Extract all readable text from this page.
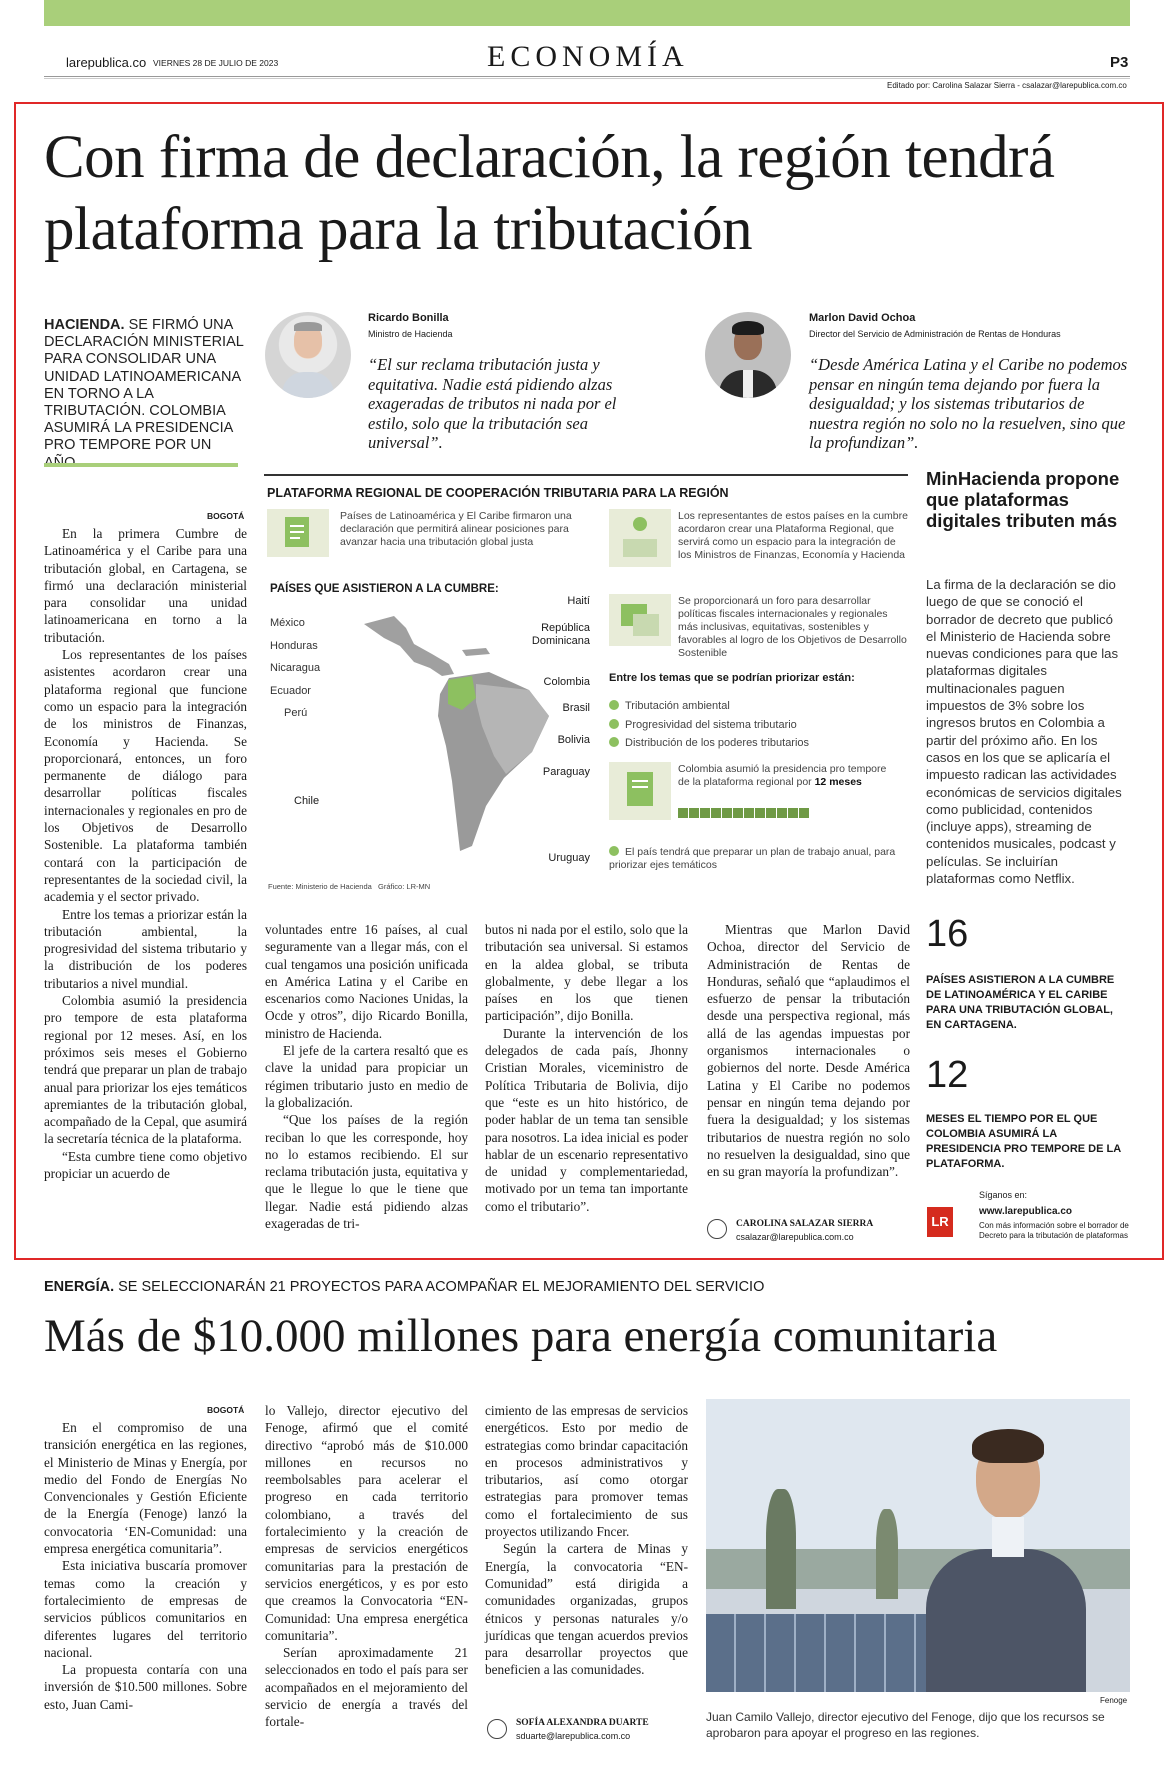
larepublica.co VIERNES 28 DE JULIO DE 2023	ECONOMÍA	P3
Editado por: Carolina Salazar Sierra - csalazar@larepublica.com.co
Con firma de declaración, la región tendrá plataforma para la tributación
HACIENDA. SE FIRMÓ UNA DECLARACIÓN MINISTERIAL PARA CONSOLIDAR UNA UNIDAD LATINOAMERICANA EN TORNO A LA TRIBUTACIÓN. COLOMBIA ASUMIRÁ LA PRESIDENCIA PRO TEMPORE POR UN
Ricardo Bonilla
Ministro de Hacienda
“El sur reclama tributación justa y equitativa. Nadie está pidiendo alzas exageradas de tributos ni nada por el estilo, solo que la tributación sea universal”.
Marlon David Ochoa
Director del Servicio de Administración de Rentas de Honduras
“Desde América Latina y el Caribe no podemos pensar en ningún tema dejando por fuera la desigualdad; y los sistemas tributarios de nuestra región no solo no la resuelven, sino que la profundizan”.
PLATAFORMA REGIONAL DE COOPERACIÓN TRIBUTARIA PARA LA REGIÓN
Países de Latinoamérica y El Caribe firmaron una declaración que permitirá alinear posiciones para avanzar hacia una tributación global justa
PAÍSES QUE ASISTIERON A LA CUMBRE:
México
Honduras
Nicaragua
Ecuador
Perú
Chile
Haití
República Dominicana
Colombia
Brasil
Bolivia
Paraguay
Uruguay
Fuente: Ministerio de Hacienda   Gráfico: LR-MN
Los representantes de estos países en la cumbre acordaron crear una Plataforma Regional, que servirá como un espacio para la integración de los Ministros de Finanzas, Economía y Hacienda
Se proporcionará un foro para desarrollar políticas fiscales internacionales y regionales más inclusivas, equitativas, sostenibles y favorables al logro de los Objetivos de Desarrollo Sostenible
Entre los temas que se podrían priorizar están:
Tributación ambiental
Progresividad del sistema tributario
Distribución de los poderes tributarios
Colombia asumió la presidencia pro tempore de la plataforma regional por 12 meses
El país tendrá que preparar un plan de trabajo anual, para priorizar ejes temáticos
BOGOTÁ

En la primera Cumbre de Latinoamérica y el Caribe para una tributación global, en Cartagena, se firmó una declaración ministerial para consolidar una unidad latinoamericana en torno a la tributación.

Los representantes de los países asistentes acordaron crear una plataforma regional que funcione como un espacio para la integración de los ministros de Finanzas, Economía y Hacienda. Se proporcionará, entonces, un foro permanente de diálogo para desarrollar políticas fiscales internacionales y regionales en pro de los Objetivos de Desarrollo Sostenible. La plataforma también contará con la participación de representantes de la sociedad civil, la academia y el sector privado.

Entre los temas a priorizar están la tributación ambiental, la progresividad del sistema tributario y la distribución de los poderes tributarios a nivel mundial.

Colombia asumió la presidencia pro tempore de esta plataforma regional por 12 meses. Así, en los próximos seis meses el Gobierno tendrá que preparar un plan de trabajo anual para priorizar los ejes temáticos apremiantes de la tributación global, acompañado de la Cepal, que asumirá la secretaría técnica de la plataforma.

“Esta cumbre tiene como objetivo propiciar un acuerdo de

voluntades entre 16 países, al cual seguramente van a llegar más, con el cual tengamos una posición unificada en América Latina y el Caribe en escenarios como Naciones Unidas, la Ocde y otros”, dijo Ricardo Bonilla, ministro de Hacienda.

El jefe de la cartera resaltó que es clave la unidad para propiciar un régimen tributario justo en medio de la globalización.

“Que los países de la región reciban lo que les corresponde, hoy no lo estamos recibiendo. El sur reclama tributación justa, equitativa y que le llegue lo que le tiene que llegar. Nadie está pidiendo alzas exageradas de tri-

butos ni nada por el estilo, solo que la tributación sea universal. Si estamos en la aldea global, se tributa globalmente, y debe llegar a los países en los que tienen participación”, dijo Bonilla.

Durante la intervención de los delegados de cada país, Jhonny Cristian Morales, viceministro de Política Tributaria de Bolivia, dijo que “este es un hito histórico, de poder hablar de un tema tan sensible para nosotros. La idea inicial es poder hablar de un escenario representativo de unidad y complementariedad, motivado por un tema tan importante como el tributario”.

Mientras que Marlon David Ochoa, director del Servicio de Administración de Rentas de Honduras, señaló que “aplaudimos el esfuerzo de pensar la tributación desde una perspectiva regional, más allá de las agendas impuestas por organismos internacionales o gobiernos del norte. Desde América Latina y El Caribe no podemos pensar en ningún tema dejando por fuera la desigualdad; y los sistemas tributarios de nuestra región no solo no resuelven la desigualdad, sino que en su gran mayoría la profundizan”.

CAROLINA SALAZAR SIERRA
csalazar@larepublica.com.co
MinHacienda propone que plataformas digitales tributen más
La firma de la declaración se dio luego de que se conoció el borrador de decreto que publicó el Ministerio de Hacienda sobre nuevas condiciones para que las plataformas digitales multinacionales paguen impuestos de 3% sobre los ingresos brutos en Colombia a partir del próximo año. En los casos en los que se aplicaría el impuesto radican las actividades económicas de servicios digitales como publicidad, contenidos (incluye apps), streaming de contenidos musicales, podcast y películas. Se incluirían plataformas como Netflix.
16
PAÍSES ASISTIERON A LA CUMBRE DE LATINOAMÉRICA Y EL CARIBE PARA UNA TRIBUTACIÓN GLOBAL, EN CARTAGENA.
12
MESES EL TIEMPO POR EL QUE COLOMBIA ASUMIRÁ LA PRESIDENCIA PRO TEMPORE DE LA PLATAFORMA.
LR
Síganos en:
www.larepublica.co
Con más información sobre el borrador de Decreto para la tributación de plataformas
ENERGÍA. SE SELECCIONARÁN 21 PROYECTOS PARA ACOMPAÑAR EL MEJORAMIENTO DEL SERVICIO
Más de $10.000 millones para energía comunitaria
BOGOTÁ

En el compromiso de una transición energética en las regiones, el Ministerio de Minas y Energía, por medio del Fondo de Energías No Convencionales y Gestión Eficiente de la Energía (Fenoge) lanzó la convocatoria ‘EN-Comunidad: una empresa energética comunitaria”.

Esta iniciativa buscaría promover temas como la creación y fortalecimiento de empresas de servicios públicos comunitarios en diferentes lugares del territorio nacional.

La propuesta contaría con una inversión de $10.500 millones. Sobre esto, Juan Cami-

lo Vallejo, director ejecutivo del Fenoge, afirmó que el comité directivo “aprobó más de $10.000 millones en recursos no reembolsables para acelerar el progreso en cada territorio colombiano, a través del fortalecimiento y la creación de empresas de servicios energéticos comunitarias para la prestación de servicios energéticos, y es por esto que creamos la Convocatoria “EN-Comunidad: Una empresa energética comunitaria”.

Serían aproximadamente 21 seleccionados en todo el país para ser acompañados en el mejoramiento del servicio de energía a través del fortale-

cimiento de las empresas de servicios energéticos. Esto por medio de estrategias como brindar capacitación en procesos administrativos y tributarios, así como otorgar estrategias para promover temas como el fortalecimiento de sus proyectos utilizando Fncer.

Según la cartera de Minas y Energía, la convocatoria “EN-Comunidad” está dirigida a comunidades organizadas, grupos étnicos y personas naturales y/o jurídicas que tengan acuerdos previos para desarrollar proyectos que beneficien a las comunidades.

SOFÍA ALEXANDRA DUARTE
sduarte@larepublica.com.co
Fenoge
Juan Camilo Vallejo, director ejecutivo del Fenoge, dijo que los recursos se aprobaron para apoyar el progreso en las regiones.
